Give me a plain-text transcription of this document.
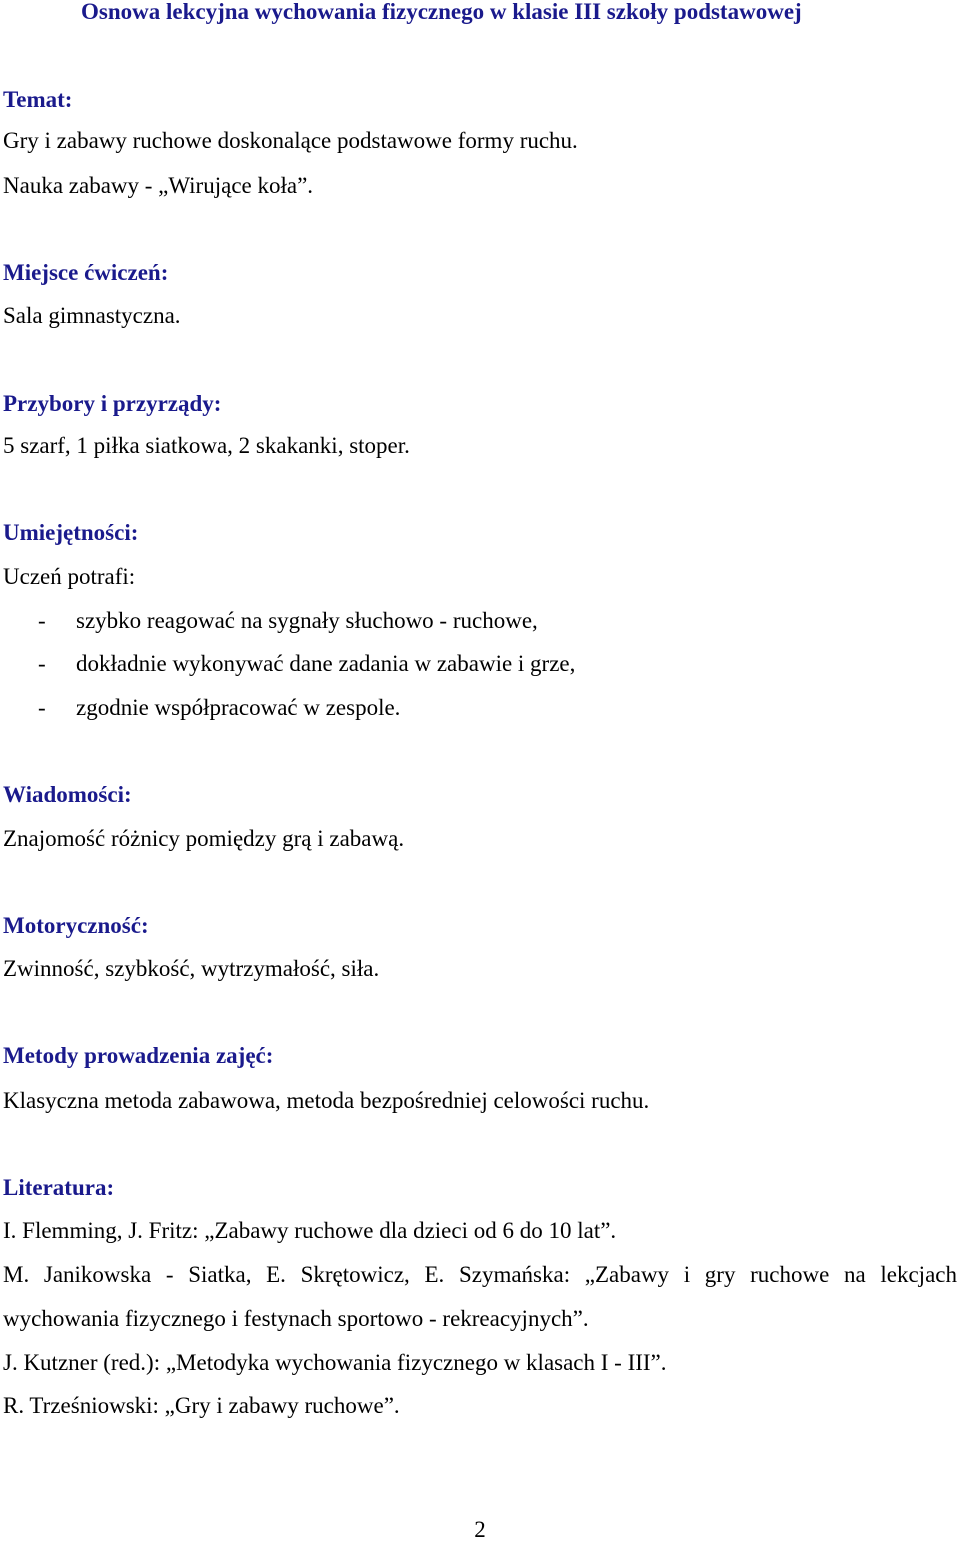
Osnowa lekcyjna wychowania fizycznego w klasie III szkoły podstawowej
Temat:
Gry i zabawy ruchowe doskonalące podstawowe formy ruchu.
Nauka zabawy - „Wirujące koła”.
Miejsce ćwiczeń:
Sala gimnastyczna.
Przybory i przyrządy:
5 szarf, 1 piłka siatkowa, 2 skakanki, stoper.
Umiejętności:
Uczeń potrafi:
- szybko reagować na sygnały słuchowo - ruchowe,
- dokładnie wykonywać dane zadania w zabawie i grze,
- zgodnie współpracować w zespole.
Wiadomości:
Znajomość różnicy pomiędzy grą i zabawą.
Motoryczność:
Zwinność, szybkość, wytrzymałość, siła.
Metody prowadzenia zajęć:
Klasyczna metoda zabawowa, metoda bezpośredniej celowości ruchu.
Literatura:
I. Flemming, J. Fritz: „Zabawy ruchowe dla dzieci od 6 do 10 lat”.
M. Janikowska - Siatka, E. Skrętowicz, E. Szymańska: „Zabawy i gry ruchowe na lekcjach
wychowania fizycznego i festynach sportowo - rekreacyjnych”.
J. Kutzner (red.): „Metodyka wychowania fizycznego w klasach I - III”.
R. Trześniowski: „Gry i zabawy ruchowe”.
2
